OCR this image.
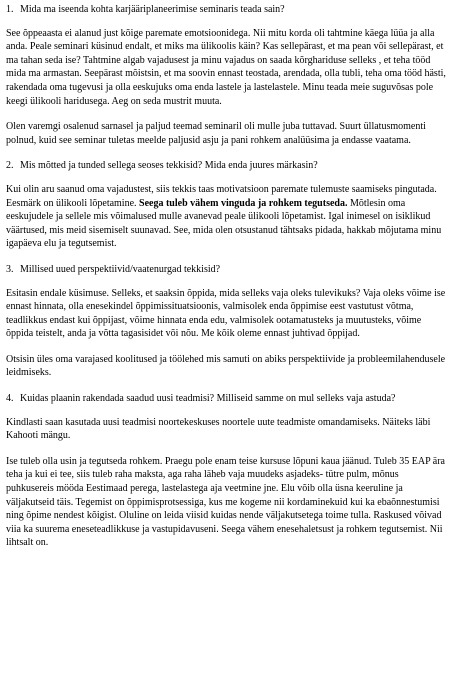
1. Mida ma iseenda kohta karjääriplaneerimise seminaris teada sain?

See õppeaasta ei alanud just kõige paremate emotsioonidega. Nii mitu korda oli tahtmine käega lüüa ja alla anda. Peale seminari küsinud endalt, et miks ma ülikoolis käin? Kas sellepärast, et ma pean või sellepärast, et ma tahan seda ise? Tahtmine algab vajadusest ja minu vajadus on saada kõrghariduse selleks , et teha tööd mida ma armastan. Seepärast mõistsin, et ma soovin ennast teostada, arendada, olla tubli, teha oma tööd hästi, rakendada oma tugevusi ja olla eeskujuks oma enda lastele ja lastelastele. Minu teada meie suguvõsas pole keegi ülikooli haridusega. Aeg on seda mustrit muuta.

Olen varemgi osalenud sarnasel ja paljud teemad seminaril oli mulle juba tuttavad. Suurt üllatusmomenti polnud, kuid see seminar tuletas meelde paljusid asju ja pani rohkem analüüsima ja endasse vaatama.

2. Mis mõtted ja tunded sellega seoses tekkisid? Mida enda juures märkasin?

Kui olin aru saanud oma vajadustest, siis tekkis taas motivatsioon paremate tulemuste saamiseks pingutada. Eesmärk on ülikooli lõpetamine. Seega tuleb vähem vinguda ja rohkem tegutseda. Mõtlesin oma eeskujudele ja sellele mis võimalused mulle avanevad peale ülikooli lõpetamist. Igal inimesel on isiklikud väärtused, mis meid sisemiselt suunavad. See, mida olen otsustanud tähtsaks pidada, hakkab mõjutama minu igapäeva elu ja tegutsemist.

3. Millised uued perspektiivid/vaatenurgad tekkisid?

Esitasin endale küsimuse. Selleks, et saaksin õppida, mida selleks vaja oleks tulevikuks? Vaja oleks võime ise ennast hinnata, olla enesekindel õppimissituatsioonis, valmisolek enda õppimise eest vastutust võtma, teadlikkus endast kui õppijast, võime hinnata enda edu, valmisolek ootamatusteks ja muutusteks, võime õppida teistelt, anda ja võtta tagasisidet või nõu. Me kõik oleme ennast juhtivad õppijad.

Otsisin üles oma varajased koolitused ja töölehed mis samuti on abiks perspektiivide ja probleemilahendusele leidmiseks.

4. Kuidas plaanin rakendada saadud uusi teadmisi? Milliseid samme on mul selleks vaja astuda?

Kindlasti saan kasutada uusi teadmisi noortekeskuses noortele uute teadmiste omandamiseks. Näiteks läbi Kahooti mängu.

Ise tuleb olla usin ja tegutseda rohkem. Praegu pole enam teise kursuse lõpuni kaua jäänud. Tuleb 35 EAP ära teha ja kui ei tee, siis tuleb raha maksta, aga raha läheb vaja muudeks asjadeks- tütre pulm, mõnus puhkusereis mööda Eestimaad perega, lastelastega aja veetmine jne. Elu võib olla üsna keeruline ja väljakutseid täis. Tegemist on õppimisprotsessiga, kus me kogeme nii kordaminekuid kui ka ebaõnnestumisi ning õpime nendest kõigist. Oluline on leida viisid kuidas nende väljakutsetega toime tulla. Raskused võivad viia ka suurema eneseteadlikkuse ja vastupidavuseni. Seega vähem enesehaletsust ja rohkem tegutsemist. Nii lihtsalt on.
